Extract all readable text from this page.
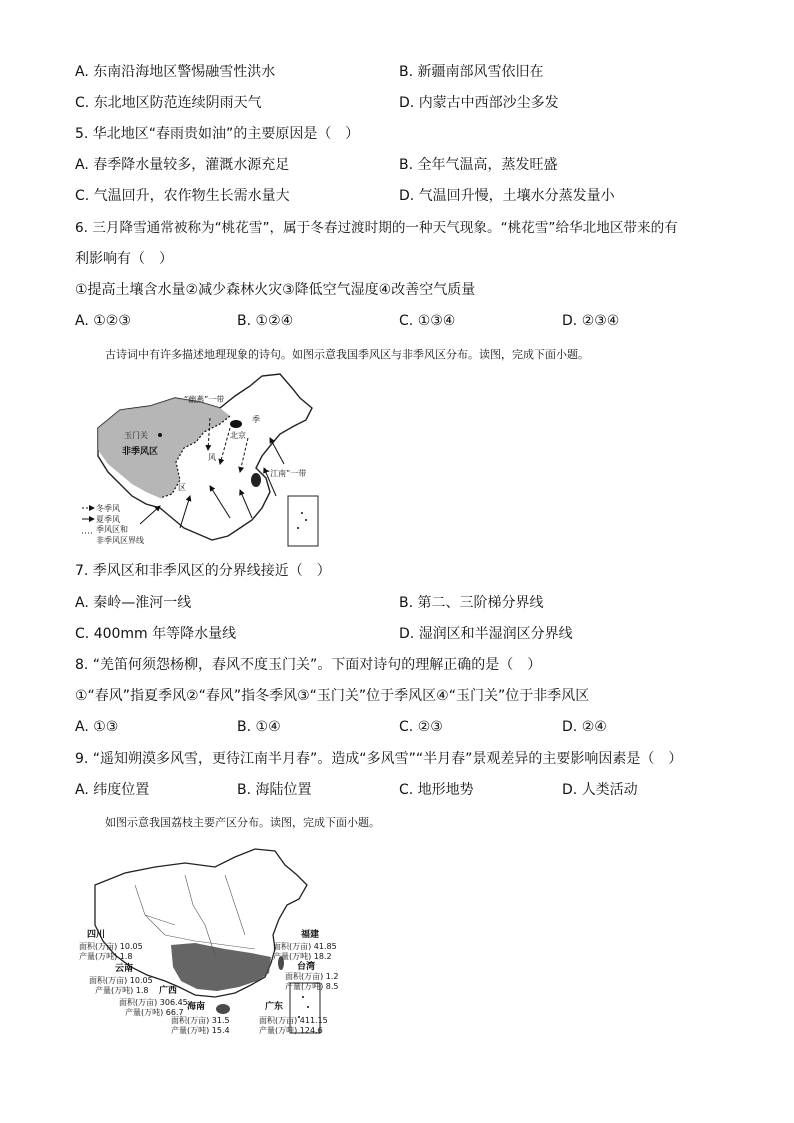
A. 东南沿海地区警惕融雪性洪水	B. 新疆南部风雪依旧在
C. 东北地区防范连续阴雨天气	D. 内蒙古中西部沙尘多发
5. 华北地区“春雨贵如油”的主要原因是（　）
A. 春季降水量较多，灌溉水源充足	B. 全年气温高，蒸发旺盛
C. 气温回升，农作物生长需水量大	D. 气温回升慢，土壤水分蒸发量小
6. 三月降雪通常被称为“桃花雪”，属于冬春过渡时期的一种天气现象。“桃花雪”给华北地区带来的有
利影响有（　）
①提高土壤含水量②减少森林火灾③降低空气湿度④改善空气质量
A. ①②③	B. ①②④	C. ①③④	D. ②③④
古诗词中有许多描述地理现象的诗句。如图示意我国季风区与非季风区分布。读图，完成下面小题。
“幽燕”一带
玉门关
非季风区
季
北京
风
区
“江南”一带
冬季风
夏季风
季风区和
非季风区界线
7. 季风区和非季风区的分界线接近（　）
A. 秦岭—淮河一线	B. 第二、三阶梯分界线
C. 400mm 年等降水量线	D. 湿润区和半湿润区分界线
8. “羌笛何须怨杨柳，春风不度玉门关”。下面对诗句的理解正确的是（　）
①“春风”指夏季风②“春风”指冬季风③“玉门关”位于季风区④“玉门关”位于非季风区
A. ①③	B. ①④	C. ②③	D. ②④
9. “遥知朔漠多风雪，更待江南半月春”。造成“多风雪”“半月春”景观差异的主要影响因素是（　）
A. 纬度位置	B. 海陆位置	C. 地形地势	D. 人类活动
如图示意我国荔枝主要产区分布。读图，完成下面小题。
四川
面积(万亩) 10.05
产量(万吨) 1.8
云南
面积(万亩) 10.05
产量(万吨) 1.8 广西
面积(万亩) 306.45
产量(万吨) 66.7
海南
面积(万亩) 31.5
产量(万吨) 15.4
广东
面积(万亩) 411.15
产量(万吨) 124.6
福建
面积(万亩) 41.85
产量(万吨) 18.2
台湾
面积(万亩) 1.2
产量(万吨) 8.5
